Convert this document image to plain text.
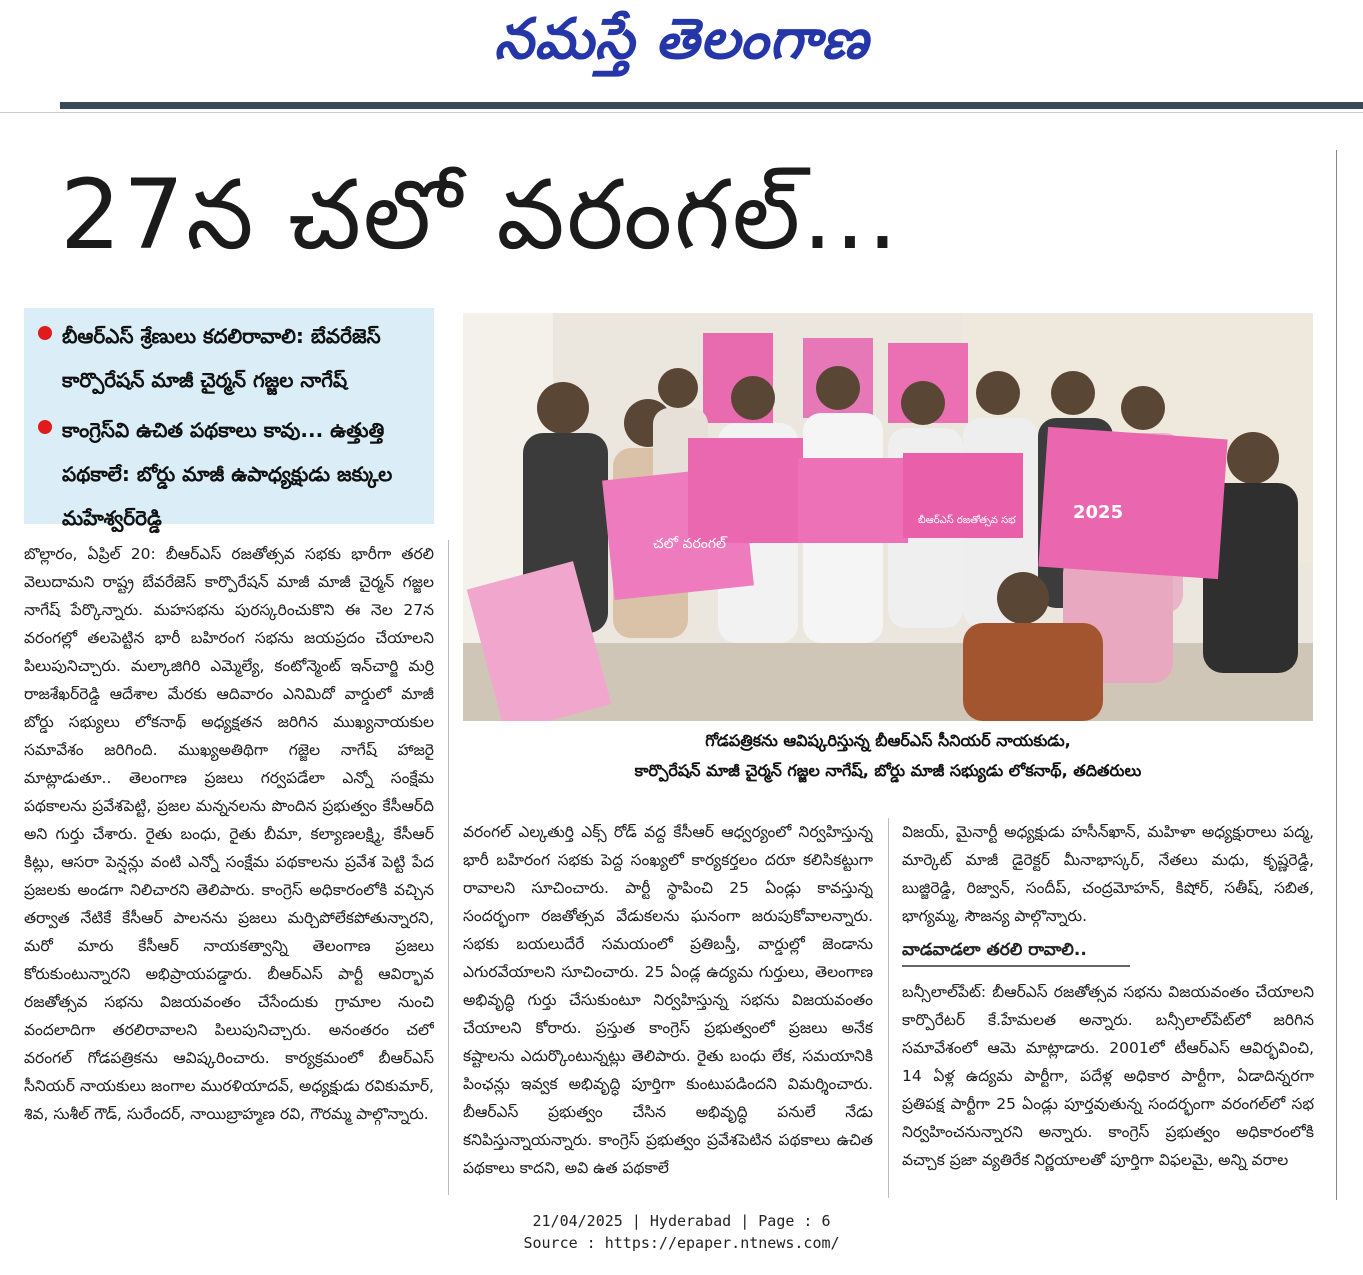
నమస్తే తెలంగాణ
27న చలో వరంగల్...
బీఆర్ఎస్ శ్రేణులు కదలిరావాలి: బేవరేజెస్ కార్పొరేషన్ మాజీ చైర్మన్ గజ్జల నాగేష్
కాంగ్రెస్‌వి ఉచిత పథకాలు కావు... ఉత్తుత్తి పథకాలే: బోర్డు మాజీ ఉపాధ్యక్షుడు జక్కుల మహేశ్వర్‌రెడ్డి
చలో వరంగల్
2025
బీఆర్ఎస్ రజతోత్సవ సభ
గోడపత్రికను ఆవిష్కరిస్తున్న బీఆర్ఎస్ సీనియర్ నాయకుడు,
కార్పొరేషన్ మాజీ చైర్మన్ గజ్జల నాగేష్, బోర్డు మాజీ సభ్యుడు లోకనాథ్, తదితరులు
బొల్లారం, ఏప్రిల్ 20: బీఆర్ఎస్ రజతోత్సవ సభకు భారీగా తరలి వెలుదామని రాష్ట్ర బేవరేజెస్ కార్పొరేషన్ మాజీ మాజీ చైర్మన్ గజ్జల నాగేష్ పేర్కొన్నారు. మహసభను పురస్కరించుకొని ఈ నెల 27న వరంగల్లో తలపెట్టిన భారీ బహిరంగ సభను జయప్రదం చేయాలని పిలుపునిచ్చారు. మల్కాజిగిరి ఎమ్మెల్యే, కంటోన్మెంట్ ఇన్‌చార్జి మర్రి రాజశేఖర్‌రెడ్డి ఆదేశాల మేరకు ఆదివారం ఎనిమిదో వార్డులో మాజీ బోర్డు సభ్యులు లోకనాథ్ అధ్యక్షతన జరిగిన ముఖ్యనాయకుల సమావేశం జరిగింది. ముఖ్యఅతిథిగా గజ్జెల నాగేష్ హాజరై మాట్లాడుతూ.. తెలంగాణ ప్రజలు గర్వపడేలా ఎన్నో సంక్షేమ పథకాలను ప్రవేశపెట్టి, ప్రజల మన్ననలను పొందిన ప్రభుత్వం కేసీఆర్‌ది అని గుర్తు చేశారు. రైతు బంధు, రైతు బీమా, కల్యాణలక్ష్మి, కేసీఆర్ కిట్లు, ఆసరా పెన్షన్లు వంటి ఎన్నో సంక్షేమ పథకాలను ప్రవేశ పెట్టి పేద ప్రజలకు అండగా నిలిచారని తెలిపారు. కాంగ్రెస్ అధికారంలోకి వచ్చిన తర్వాత నేటికే కేసీఆర్ పాలనను ప్రజలు మర్చిపోలేకపోతున్నారని, మరో మారు కేసీఆర్ నాయకత్వాన్ని తెలంగాణ ప్రజలు కోరుకుంటున్నారని అభిప్రాయపడ్డారు. బీఆర్ఎస్ పార్టీ ఆవిర్భావ రజతోత్సవ సభను విజయవంతం చేసేందుకు గ్రామాల నుంచి వందలాదిగా తరలిరావాలని పిలుపునిచ్చారు. అనంతరం చలో వరంగల్ గోడపత్రికను ఆవిష్కరించారు. కార్యక్రమంలో బీఆర్ఎస్ సీనియర్ నాయకులు జంగాల మురళియాదవ్, అధ్యక్షుడు రవికుమార్, శివ, సుశీల్ గౌడ్, సురేందర్, నాయిబ్రాహ్మణ రవి, గౌరమ్మ పాల్గొన్నారు.
వరంగల్ ఎల్కతుర్తి ఎక్స్ రోడ్ వద్ద కేసీఆర్ ఆధ్వర్యంలో నిర్వహిస్తున్న భారీ బహిరంగ సభకు పెద్ద సంఖ్యలో కార్యకర్తలం దరూ కలిసికట్టుగా రావాలని సూచించారు. పార్టీ స్థాపించి 25 ఏండ్లు కావస్తున్న సందర్భంగా రజతోత్సవ వేడుకలను ఘనంగా జరుపుకోవాలన్నారు. సభకు బయలుదేరే సమయంలో ప్రతిబస్తీ, వార్డుల్లో జెండాను ఎగురవేయాలని సూచించారు. 25 ఏండ్ల ఉద్యమ గుర్తులు, తెలంగాణ అభివృద్ధి గుర్తు చేసుకుంటూ నిర్వహిస్తున్న సభను విజయవంతం చేయాలని కోరారు. ప్రస్తుత కాంగ్రెస్ ప్రభుత్వంలో ప్రజలు అనేక కష్టాలను ఎదుర్కొంటున్నట్లు తెలిపారు. రైతు బంధు లేక, సమయానికి పింఛన్లు ఇవ్వక అభివృద్ధి పూర్తిగా కుంటుపడిందని విమర్శించారు. బీఆర్ఎస్ ప్రభుత్వం చేసిన అభివృద్ధి పనులే నేడు కనిపిస్తున్నాయన్నారు. కాంగ్రెస్ ప్రభుత్వం ప్రవేశపెటిన పథకాలు ఉచిత పథకాలు కాదని, అవి ఉత పథకాలే
విజయ్, మైనార్టీ అధ్యక్షుడు హసీన్‌ఖాన్, మహిళా అధ్యక్షురాలు పద్మ, మార్కెట్ మాజీ డైరెక్టర్ మీనాభాస్కర్, నేతలు మధు, కృష్ణరెడ్డి, బుజ్జిరెడ్డి, రిజ్వాన్, సందీప్, చంద్రమోహన్, కిషోర్, సతీష్, సబిత, భాగ్యమ్మ, సౌజన్య పాల్గొన్నారు.
వాడవాడలా తరలి రావాలి..
బన్సీలాల్‌పేట్: బీఆర్ఎస్ రజతోత్సవ సభను విజయవంతం చేయాలని కార్పొరేటర్ కే.హేమలత అన్నారు. బన్సీలాల్‌పేట్‌లో జరిగిన సమావేశంలో ఆమె మాట్లాడారు. 2001లో టీఆర్ఎస్ ఆవిర్భవించి, 14 ఏళ్ల ఉద్యమ పార్టీగా, పదేళ్ల అధికార పార్టీగా, ఏడాదిన్నరగా ప్రతిపక్ష పార్టీగా 25 ఏండ్లు పూర్తవుతున్న సందర్భంగా వరంగల్‌లో సభ నిర్వహించనున్నారని అన్నారు. కాంగ్రెస్ ప్రభుత్వం అధికారంలోకి వచ్చాక ప్రజా వ్యతిరేక నిర్ణయాలతో పూర్తిగా విఫలమై, అన్ని వరాల
21/04/2025 | Hyderabad | Page : 6
Source : https://epaper.ntnews.com/
